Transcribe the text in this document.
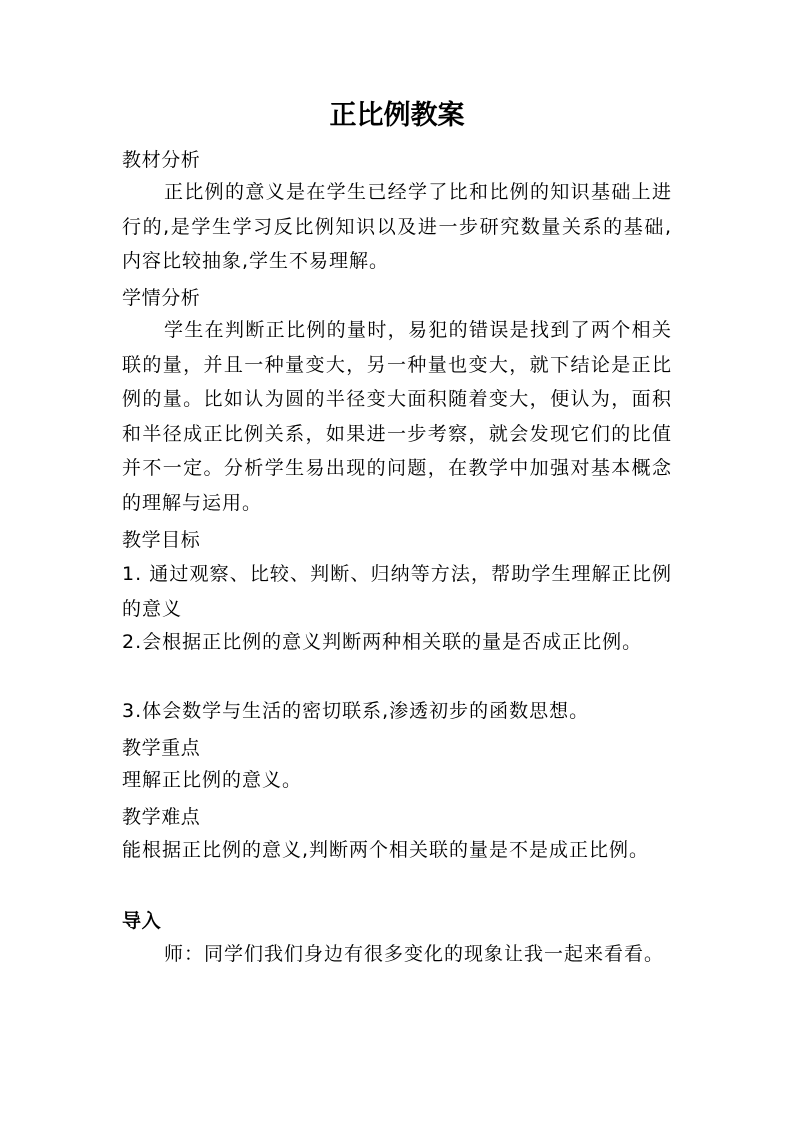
正比例教案
教材分析

正比例的意义是在学生已经学了比和比例的知识基础上进行的,是学生学习反比例知识以及进一步研究数量关系的基础,内容比较抽象,学生不易理解。

学情分析

学生在判断正比例的量时，易犯的错误是找到了两个相关联的量，并且一种量变大，另一种量也变大，就下结论是正比例的量。比如认为圆的半径变大面积随着变大，便认为，面积和半径成正比例关系，如果进一步考察，就会发现它们的比值并不一定。分析学生易出现的问题，在教学中加强对基本概念的理解与运用。

教学目标

1. 通过观察、比较、判断、归纳等方法，帮助学生理解正比例的意义

2.会根据正比例的意义判断两种相关联的量是否成正比例。

3.体会数学与生活的密切联系,渗透初步的函数思想。

教学重点

理解正比例的意义。

教学难点

能根据正比例的意义,判断两个相关联的量是不是成正比例。

导入

师：同学们我们身边有很多变化的现象让我一起来看看。
